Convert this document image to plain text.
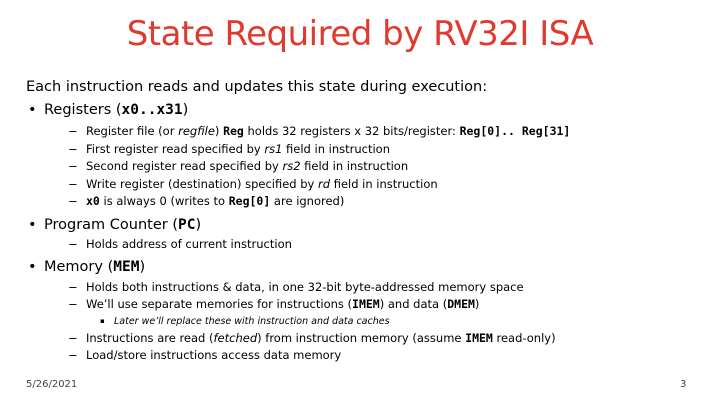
State Required by RV32I ISA
Each instruction reads and updates this state during execution:
• Registers (x0..x31)
− Register file (or regfile) Reg holds 32 registers x 32 bits/register: Reg[0].. Reg[31]
− First register read specified by rs1 field in instruction
− Second register read specified by rs2 field in instruction
− Write register (destination) specified by rd field in instruction
− x0 is always 0 (writes to Reg[0] are ignored)
• Program Counter (PC)
− Holds address of current instruction
• Memory (MEM)
− Holds both instructions & data, in one 32-bit byte-addressed memory space
− We’ll use separate memories for instructions (IMEM) and data (DMEM)
▪ Later we’ll replace these with instruction and data caches
− Instructions are read (fetched) from instruction memory (assume IMEM read-only)
− Load/store instructions access data memory
5/26/2021	3
